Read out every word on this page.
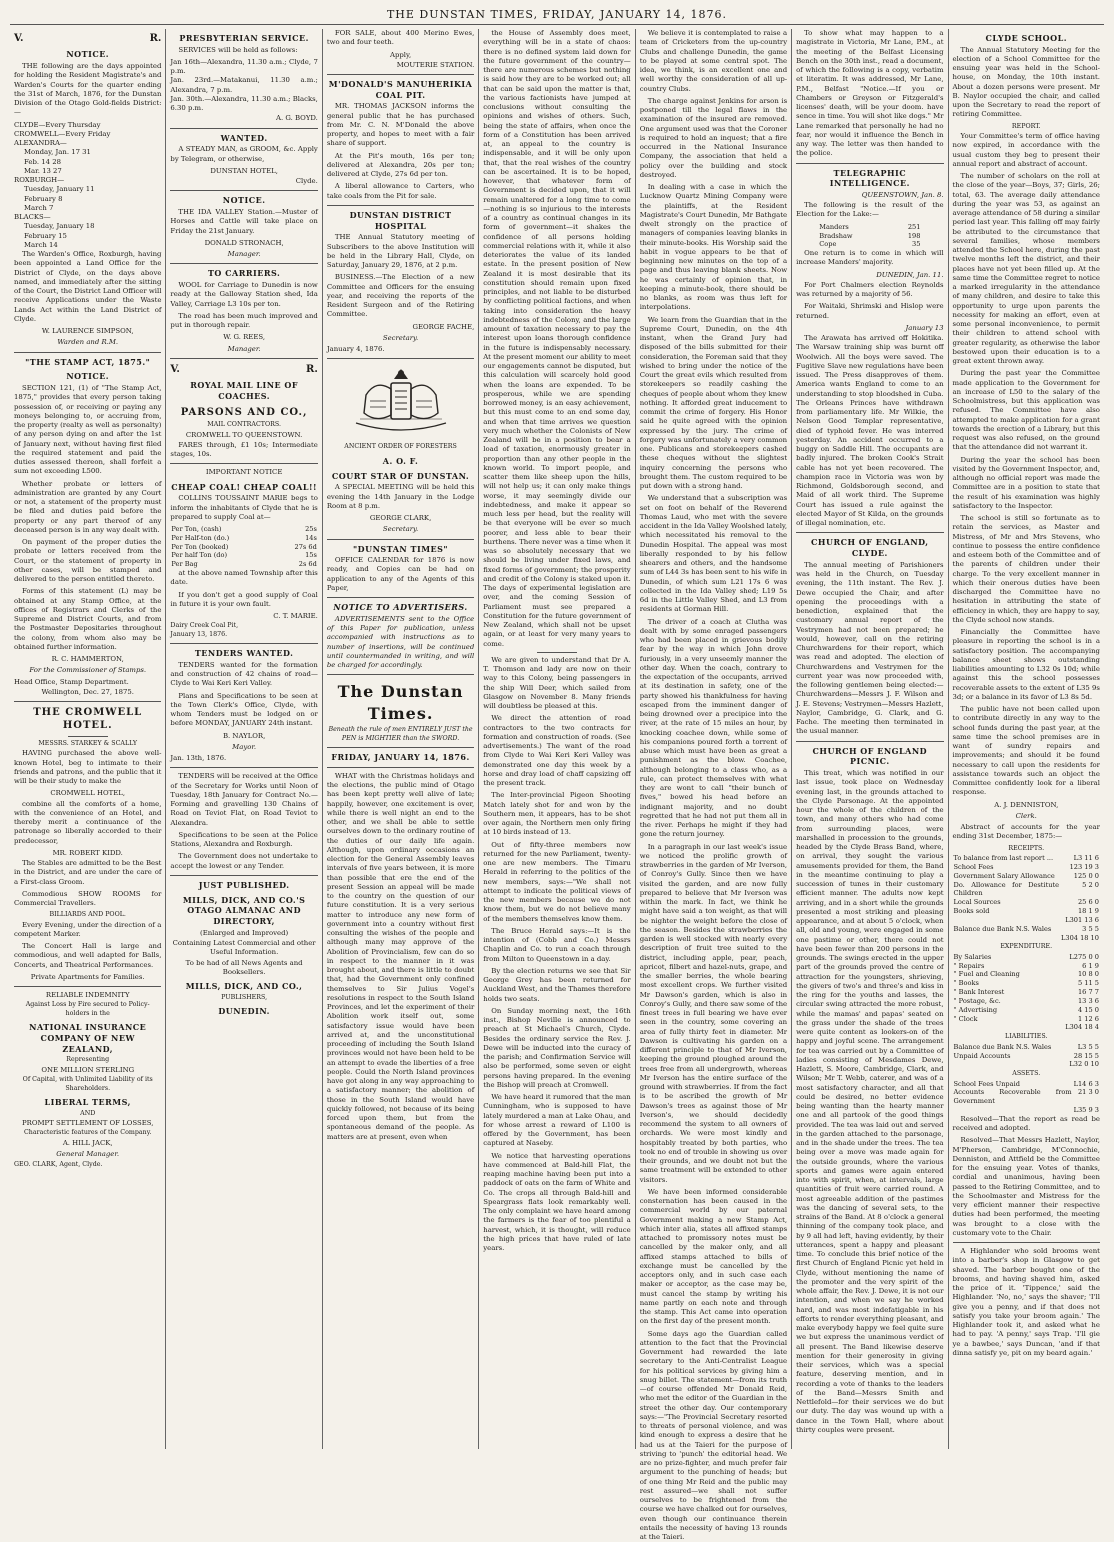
THE DUNSTAN TIMES, FRIDAY, JANUARY 14, 1876.
V.	R.
NOTICE.

THE following are the days appointed for holding the Resident Magistrate's and Warden's Courts for the quarter ending the 31st of March, 1876, for the Dunstan Division of the Otago Gold-fields District:—

CLYDE—Every Thursday
CROMWELL—Every Friday
ALEXANDRA—
Monday, Jan. 17 31
Feb. 14 28
Mar. 13 27
ROXBURGH—
Tuesday, January 11
February 8
March 7
BLACKS—
Tuesday, January 18
February 15
March 14

The Warden's Office, Roxburgh, having been appointed a Land Office for the District of Clyde, on the days above named, and immediately after the sitting of the Court, the District Land Officer will receive Applications under the Waste Lands Act within the Land District of Clyde.

W. LAURENCE SIMPSON,
Warden and R.M.
"THE STAMP ACT, 1875."
NOTICE.

SECTION 121, (1) of "The Stamp Act, 1875," provides that every person taking possession of, or receiving or paying any moneys belonging to, or accruing from, the property (realty as well as personalty) of any person dying on and after the 1st of January next, without having first filed the required statement and paid the duties assessed thereon, shall forfeit a sum not exceeding L500.

Whether probate or letters of administration are granted by any Court or not, a statement of the property must be filed and duties paid before the property or any part thereof of any deceased person is in any way dealt with.

On payment of the proper duties the probate or letters received from the Court, or the statement of property in other cases, will be stamped and delivered to the person entitled thereto.

Forms of this statement (L) may be obtained at any Stamp Office, at the offices of Registrars and Clerks of the Supreme and District Courts, and from the Postmaster Depositaries throughout the colony, from whom also may be obtained further information.

R. C. HAMMERTON,
For the Commissioner of Stamps.
Head Office, Stamp Department.
Wellington, Dec. 27, 1875.
THE CROMWELL HOTEL.
MESSRS. STARKEY & SCALLY

HAVING purchased the above well-known Hotel, beg to intimate to their friends and patrons, and the public that it will be their study to make the

CROMWELL HOTEL,

combine all the comforts of a home, with the convenience of an Hotel, and thereby merit a continuance of the patronage so liberally accorded to their predecessor,

MR. ROBERT KIDD.

The Stables are admitted to be the Best in the District, and are under the care of a First-class Groom.

Commodious SHOW ROOMS for Commercial Travellers.

BILLIARDS AND POOL.

Every Evening, under the direction of a competent Marker.

The Concert Hall is large and commodious, and well adapted for Balls, Concerts, and Theatrical Performances.

Private Apartments for Families.
RELIABLE INDEMNITY
Against Loss by Fire secured to Policy-holders in the
NATIONAL INSURANCE COMPANY OF NEW ZEALAND,
Representing
ONE MILLION STERLING
Of Capital, with Unlimited Liability of its Shareholders.
LIBERAL TERMS,
AND
PROMPT SETTLEMENT OF LOSSES,
Characteristic features of the Company.
A. HILL JACK,
General Manager.
GEO. CLARK, Agent, Clyde.
PRESBYTERIAN SERVICE.

SERVICES will be held as follows:

Jan 16th—Alexandra, 11.30 a.m.; Clyde, 7 p.m.
Jan. 23rd.—Matakanui, 11.30 a.m.; Alexandra, 7 p.m.
Jan. 30th.—Alexandra, 11.30 a.m.; Blacks, 6.30 p.m.
A. G. BOYD.
WANTED.

A STEADY MAN, as GROOM, &c. Apply by Telegram, or otherwise,

DUNSTAN HOTEL,
Clyde.
NOTICE.

THE IDA VALLEY Station.—Muster of Horses and Cattle will take place on Friday the 21st January.

DONALD STRONACH,
Manager.
TO CARRIERS.

WOOL for Carriage to Dunedin is now ready at the Galloway Station shed, Ida Valley, Carriage L3 10s per ton.

The road has been much improved and put in thorough repair.

W. G. REES,
Manager.
V.	R.
ROYAL MAIL LINE OF COACHES.
PARSONS AND CO.,
MAIL CONTRACTORS.
CROMWELL TO QUEENSTOWN.

FARES through, £1 10s; Intermediate stages, 10s.

IMPORTANT NOTICE
CHEAP COAL! CHEAP COAL!!

COLLINS TOUSSAINT MARIE begs to inform the inhabitants of Clyde that he is prepared to supply Coal at—

Per Ton, (cash)	25s
Per Half-ton (do.)	14s
Per Ton (booked)	27s 6d
Per half Ton (do)	15s
Per Bag	2s 6d

at the above named Township after this date.

If you don't get a good supply of Coal in future it is your own fault.

C. T. MARIE.
Dairy Creek Coal Pit,
January 13, 1876.
TENDERS WANTED.

TENDERS wanted for the formation and construction of 42 chains of road—Clyde to Wai Keri Keri Valley.

Plans and Specifications to be seen at the Town Clerk's Office, Clyde, with whom Tenders must be lodged on or before MONDAY, JANUARY 24th instant.

B. NAYLOR,
Mayor.
Jan. 13th, 1876.

TENDERS will be received at the Office of the Secretary for Works until Noon of Tuesday, 18th January for Contract No.—Forming and gravelling 130 Chains of Road on Teviot Flat, on Road Teviot to Alexandra.

Specifications to be seen at the Police Stations, Alexandra and Roxburgh.

The Government does not undertake to accept the lowest or any Tender.

JUST PUBLISHED.
MILLS, DICK, AND CO.'S OTAGO ALMANAC AND DIRECTORY,
(Enlarged and Improved)
Containing Latest Commercial and other Useful Information.
To be had of all News Agents and Booksellers.
MILLS, DICK, AND CO.,
PUBLISHERS,
DUNEDIN.

FOR SALE, about 400 Merino Ewes, two and four teeth.

Apply,
MOUTERIE STATION.
M'DONALD'S MANUHERIKIA COAL PIT.

MR. THOMAS JACKSON informs the general public that he has purchased from Mr. C. N. M'Donald the above property, and hopes to meet with a fair share of support.

At the Pit's mouth, 16s per ton; delivered at Alexandra, 20s per ton; delivered at Clyde, 27s 6d per ton.

A liberal allowance to Carters, who take coals from the Pit for sale.

DUNSTAN DISTRICT HOSPITAL

THE Annual Statutory meeting of Subscribers to the above Institution will be held in the Library Hall, Clyde, on Saturday, January 29, 1876, at 2 p.m.

BUSINESS.—The Election of a new Committee and Officers for the ensuing year, and receiving the reports of the Resident Surgeon and of the Retiring Committee.

GEORGE FACHE,
Secretary.
January 4, 1876.
ANCIENT ORDER OF FORESTERS
A. O. F.
COURT STAR OF DUNSTAN.

A SPECIAL MEETING will be held this evening the 14th January in the Lodge Room at 8 p.m.

GEORGE CLARK,
Secretary.
"DUNSTAN TIMES"

OFFICE CALENDAR for 1876 is now ready, and Copies can be had on application to any of the Agents of this Paper,

NOTICE TO ADVERTISERS.

ADVERTISEMENTS sent to the Office of this Paper for publication, unless accompanied with instructions as to number of insertions, will be continued until countermanded in writing, and will be charged for accordingly.

The Dunstan Times.
Beneath the rule of men ENTIRELY JUST the PEN is MIGHTIER than the SWORD.
FRIDAY, JANUARY 14, 1876.

WHAT with the Christmas holidays and the elections, the public mind of Otago has been kept pretty well alive of late; happily, however, one excitement is over, while there is well night an end to the other, and we shall be able to settle ourselves down to the ordinary routine of the duties of our daily life again. Although, upon ordinary occasions an election for the General Assembly leaves intervals of five years between, it is more than possible that ere the end of the present Session an appeal will be made to the country on the question of our future constitution. It is a very serious matter to introduce any new form of government into a country without first consulting the wishes of the people and although many may approve of the Abolition of Provincialism, few can do so in respect to the manner in it was brought about, and there is little to doubt that, had the Government only confined themselves to Sir Julius Vogel's resolutions in respect to the South Island Provinces, and let the experiment of their Abolition work itself out, some satisfactory issue would have been arrived at, and the unconstitutional proceeding of including the South Island provinces would not have been held to be an attempt to evade the liberties of a free people. Could the North Island provinces have got along in any way approaching to a satisfactory manner; the abolition of those in the South Island would have quickly followed, not because of its being forced upon them, but from the spontaneous demand of the people. As matters are at present, even when

the House of Assembly does meet, everything will be in a state of chaos: there is no defined system laid down for the future government of the country—there are numerous schemes but nothing is said how they are to be worked out; all that can be said upon the matter is that, the various factionists have jumped at conclusions without consulting the opinions and wishes of others. Such, being the state of affairs, when once the form of a Constitution has been arrived at, an appeal to the country is indispensable, and it will be only upon that, that the real wishes of the country can be ascertained. It is to be hoped, however, that whatever form of Government is decided upon, that it will remain unaltered for a long time to come—nothing is so injurious to the interests of a country as continual changes in its form of government—it shakes the confidence of all persons holding commercial relations with it, while it also deteriorates the value of its landed estate. In the present position of New Zealand it is most desirable that its constitution should remain upon fixed principles, and not liable to be disturbed by conflicting political factions, and when taking into consideration the heavy indebtedness of the Colony, and the large amount of taxation necessary to pay the interest upon loans thorough confidence in the future is indispensably necessary. At the present moment our ability to meet our engagements cannot be disputed, but this calculation will scarcely hold good when the loans are expended. To be prosperous, while we are spending borrowed money, is an easy achievement, but this must come to an end some day, and when that time arrives we question very much whether the Colonists of New Zealand will be in a position to bear a load of taxation, enormously greater in proportion than any other people in the known world. To import people, and scatter them like sheep upon the hills, will not help us; it can only make things worse, it may seemingly divide our indebtedness, and make it appear so much less per head, but the reality will be that everyone will be ever so much poorer, and less able to bear their burthens. There never was a time when it was so absolutely necessary that we should be living under fixed laws, and fixed forms of government; the prosperity and credit of the Colony is staked upon it. The days of experimental legislation are over, and the coming Session of Parliament must see prepared a Constitution for the future government of New Zealand, which shall not be upset again, or at least for very many years to come.

We are given to understand that Dr A. T. Thomson and lady are now on their way to this Colony, being passengers in the ship Will Deer, which sailed from Glasgow on November 8. Many friends will doubtless be pleased at this.

We direct the attention of road contractors to the two contracts for formation and construction of roads. (See advertisements.) The want of the road from Clyde to Wai Keri Keri Valley was demonstrated one day this week by a horse and dray load of chaff capsizing off the present track.

The Inter-provincial Pigeon Shooting Match lately shot for and won by the Southern men, it appears, has to be shot over again, the Northern men only firing at 10 birds instead of 13.

Out of fifty-three members now returned for the new Parliament, twenty-one are new members. The Timaru Herald in referring to the politics of the new members, says:—"We shall not attempt to indicate the political views of the new members because we do not know them, but we do not believe many of the members themselves know them.

The Bruce Herald says:—It is the intention of (Cobb and Co.) Messrs Chaplin and Co. to run a coach through from Milton to Queenstown in a day.

By the election returns we see that Sir George Grey has been returned for Auckland West, and the Thames therefore holds two seats.

On Sunday morning next, the 16th inst., Bishop Neville is announced to preach at St Michael's Church, Clyde. Besides the ordinary service the Rev. J. Dewe will be inducted into the curacy of the parish; and Confirmation Service will also be performed, some seven or eight persons having prepared. In the evening the Bishop will preach at Cromwell.

We have heard it rumored that the man Cunningham, who is supposed to have lately murdered a man at Lake Ohau, and for whose arrest a reward of L100 is offered by the Government, has been captured at Naseby.

We notice that harvesting operations have commenced at Bald-hill Flat, the reaping machine having been put into a paddock of oats on the farm of White and Co. The crops all through Bald-hill and Speargrass flats look remarkably well. The only complaint we have heard among the farmers is the fear of too plentiful a harvest, which, it is thought, will reduce the high prices that have ruled of late years.

We believe it is contemplated to raise a team of Cricketers from the up-country Clubs and challenge Dunedin, the game to be played at some central spot. The idea, we think, is an excellent one and well worthy the consideration of all up-country Clubs.

The charge against Jenkins for arson is postponed till the legal flaws in the examination of the insured are removed. One argument used was that the Coroner is required to hold an inquest; that a fire occurred in the National Insurance Company, the association that held a policy over the building and stock destroyed.

In dealing with a case in which the Lucknow Quartz Mining Company were the plaintiffs, at the Resident Magistrate's Court Dunedin, Mr Bathgate dwelt strongly on the practice of managers of companies leaving blanks in their minute-books. His Worship said the habit in vogue appears to be that of beginning new minutes on the top of a page and thus leaving blank sheets. Now he was certainly of opinion that, in keeping a minute-book, there should be no blanks, as room was thus left for interpolations.

We learn from the Guardian that in the Supreme Court, Dunedin, on the 4th instant, when the Grand Jury had disposed of the bills submitted for their consideration, the Foreman said that they wished to bring under the notice of the Court the great evils which resulted from storekeepers so readily cashing the cheques of people about whom they knew nothing. It afforded great inducement to commit the crime of forgery. His Honor said he quite agreed with the opinion expressed by the jury. The crime of forgery was unfortunately a very common one. Publicans and storekeepers cashed these cheques without the slightest inquiry concerning the persons who brought them. The custom required to be put down with a strong hand.

We understand that a subscription was set on foot on behalf of the Reverend Thomas Laud, who met with the severe accident in the Ida Valley Woolshed lately, which necessitated his removal to the Dunedin Hospital. The appeal was most liberally responded to by his fellow shearers and others, and the handsome sum of L44 3s has been sent to his wife in Dunedin, of which sum L21 17s 6 was collected in the Ida Valley shed; L19 5s 6d in the Little Valley Shed, and L3 from residents at Gorman Hill.

The driver of a coach at Clutha was dealt with by some enraged passengers who had been placed in grievous bodily fear by the way in which John drove furiously, in a very unseemly manner the other day. When the coach, contrary to the expectation of the occupants, arrived at its destination in safety, one of the party showed his thankfulness for having escaped from the imminent danger of being drowned over a precipice into the river, at the rate of 15 miles an hour, by knocking coachee down, while some of his companions poured forth a torrent of abuse which must have been as great a punishment as the blow. Coachee, although belonging to a class who, as a rule, can protect themselves with what they are wont to call "their bunch of fives," bowed his head before an indignant majority, and no doubt regretted that he had not put them all in the river. Perhaps he might if they had gone the return journey.

In a paragraph in our last week's issue we noticed the prolific growth of strawberries in the garden of Mr Iverson, of Conroy's Gully. Since then we have visited the garden, and are now fully prepared to believe that Mr Iverson was within the mark. In fact, we think he might have said a ton weight, as that will be nighter the weight before the close of the season. Besides the strawberries the garden is well stocked with nearly every description of fruit tree suited to the district, including apple, pear, peach, apricot, filbert and hazel-nuts, grape, and the smaller berries, the whole bearing most excellent crops. We further visited Mr Dawson's garden, which is also in Conroy's Gully, and there saw some of the finest trees in full bearing we have ever seen in the country, some covering an area of fully thirty feet in diameter. Mr Dawson is cultivating his garden on a different principle to that of Mr Iverson, keeping the ground ploughed around the trees free from all undergrowth, whereas Mr Iverson has the entire surface of the ground with strawberries. If from the fact is to be ascribed the growth of Mr Dawson's trees as against those of Mr Iverson's, we should decidedly recommend the system to all owners of orchards. We were most kindly and hospitably treated by both parties, who took no end of trouble in showing us over their grounds, and we doubt not but the same treatment will be extended to other visitors.

We have been informed considerable consternation has been caused in the commercial world by our paternal Government making a new Stamp Act, which inter alia, states all affixed stamps attached to promissory notes must be cancelled by the maker only, and all affixed stamps attached to bills of exchange must be cancelled by the acceptors only, and in such case each maker or acceptor, as the case may be, must cancel the stamp by writing his name partly on each note and through the stamp. This Act came into operation on the first day of the present month.

Some days ago the Guardian called attention to the fact that the Provincial Government had rewarded the late secretary to the Anti-Centralist League for his political services by giving him a snug billet. The statement—from its truth—of course offended Mr Donald Reid, who met the editor of the Guardian in the street the other day. Our contemporary says:—"The Provincial Secretary resorted to threats of personal violence, and was kind enough to express a desire that he had us at the Taieri for the purpose of striving to 'punch' the editorial head. We are no prize-fighter, and much prefer fair argument to the punching of heads; but of one thing Mr Reid and the public may rest assured—we shall not suffer ourselves to be frightened from the course we have chalked out for ourselves, even though our continuance therein entails the necessity of having 13 rounds at the Taieri.

To show what may happen to a magistrate in Victoria, Mr Lane, P.M., at the meeting of the Belfast Licensing Bench on the 30th inst., read a document, of which the following is a copy, verbatim et literatim. It was addressed, Mr Lane, P.M., Belfast "Notice.—If you or Chambers or Greyson or Fitzgerald's licenses' death, will be your doom. have sence in time. You will shot like dogs." Mr Lane remarked that personally he had no fear, nor would it influence the Bench in any way. The letter was then handed to the police.

TELEGRAPHIC INTELLIGENCE.
QUEENSTOWN, Jan. 8.

The following is the result of the Election for the Lake:—

Manders	251
Bradshaw	198
Cope	35

One return is to come in which will increase Manders' majority.

DUNEDIN, Jan. 11.

For Port Chalmers election Reynolds was returned by a majority of 56.

For Waitaki, Shrimski and Hislop were returned.

January 13

The Arawata has arrived off Hokitika. The Warsaw training ship was burnt off Woolwich. All the boys were saved. The Fugitive Slave new regulations have been issued. The Press disapproves of them. America wants England to come to an understanding to stop bloodshed in Cuba. The Orleans Princes have withdrawn from parliamentary life. Mr Wilkie, the Nelson Good Templar representative, died of typhoid fever. He was interred yesterday. An accident occurred to a buggy on Saddle Hill. The occupants are badly injured. The broken Cook's Strait cable has not yet been recovered. The champion race in Victoria was won by Richmond, Goldsborough second, and Maid of all work third. The Supreme Court has issued a rule against the elected Mayor of St Kilda, on the grounds of illegal nomination, etc.

CHURCH OF ENGLAND, CLYDE.

The annual meeting of Parishioners was held in the Church, on Tuesday evening, the 11th instant. The Rev. J. Dewe occupied the Chair, and after opening the proceedings with a benediction, explained that the customary annual report of the Vestrymen had not been prepared; he would, however, call on the retiring Churchwardens for their report, which was read and adopted. The election of Churchwardens and Vestrymen for the current year was now proceeded with, the following gentlemen being elected:—Churchwardens—Messrs J. F. Wilson and J. E. Stevens; Vestrymen—Messrs Hazlett, Naylor, Cambridge, G. Clark, and G. Fache. The meeting then terminated in the usual manner.

CHURCH OF ENGLAND PICNIC.

This treat, which was notified in our last issue, took place on Wednesday evening last, in the grounds attached to the Clyde Parsonage. At the appointed hour the whole of the children of the town, and many others who had come from surrounding places, were marshalled in procession to the grounds, headed by the Clyde Brass Band, where, on arrival, they sought the various amusements provided for them, the Band in the meantime continuing to play a succession of tunes in their customary efficient manner. The adults now kept arriving, and in a short while the grounds presented a most striking and pleasing appearance, and at about 5 o'clock, when all, old and young, were engaged in some one pastime or other, there could not have been fewer than 200 persons in the grounds. The swings erected in the upper part of the grounds proved the centre of attraction for the youngsters, shrieving, the givers of two's and three's and kiss in the ring for the youths and lasses, the circular swing attracted the more robust, while the mamas' and papas' seated on the grass under the shade of the trees were quite content as lookers-on of the happy and joyful scene. The arrangement for tea was carried out by a Committee of ladies consisting of Mesdames Dewe, Hazlett, S. Moore, Cambridge, Clark, and Wilson; Mr T. Webb, caterer, and was of a most satisfactory character, and all that could be desired, no better evidence being wanting than the hearty manner one and all partook of the good things provided. The tea was laid out and served in the garden attached to the parsonage, and in the shade under the trees. The tea being over a move was made again for the outside grounds, where the various sports and games were again entered into with spirit, when, at intervals, large quantities of fruit were carried round. A most agreeable addition of the pastimes was the dancing of several sets, to the strains of the Band. At 8 o'clock a general thinning of the company took place, and by 9 all had left, having evidently, by their utterances, spent a happy and pleasant time. To conclude this brief notice of the first Church of England Picnic yet held in Clyde, without mentioning the name of the promoter and the very spirit of the whole affair, the Rev. J. Dewe, it is not our intention, and when we say he worked hard, and was most indefatigable in his efforts to render everything pleasant, and make everybody happy we feel quite sure we but express the unanimous verdict of all present. The Band likewise deserve mention for their generosity in giving their services, which was a special feature, deserving mention, and in recording a vote of thanks to the leaders of the Band—Messrs Smith and Nettlefold—for their services we do but our duty. The day was wound up with a dance in the Town Hall, where about thirty couples were present.

CLYDE SCHOOL.

The Annual Statutory Meeting for the election of a School Committee for the ensuing year was held in the School-house, on Monday, the 10th instant. About a dozen persons were present. Mr B. Naylor occupied the chair, and called upon the Secretary to read the report of retiring Committee.

REPORT.

Your Committee's term of office having now expired, in accordance with the usual custom they beg to present their annual report and abstract of account.

The number of scholars on the roll at the close of the year—Boys, 37; Girls, 26; total, 63. The average daily attendance during the year was 53, as against an average attendance of 58 during a similar period last year. This falling off may fairly be attributed to the circumstance that several families, whose members attended the School here, during the past twelve months left the district, and their places have not yet been filled up. At the same time the Committee regret to notice a marked irregularity in the attendance of many children, and desire to take this opportunity to urge upon parents the necessity for making an effort, even at some personal inconvenience, to permit their children to attend school with greater regularity, as otherwise the labor bestowed upon their education is to a great extent thrown away.

During the past year the Committee made application to the Government for an increase of L50 to the salary of the Schoolmistress, but this application was refused. The Committee have also attempted to make application for a grant towards the erection of a Library, but this request was also refused, on the ground that the attendance did not warrant it.

During the year the school has been visited by the Government Inspector, and, although no official report was made the Committee are in a position to state that the result of his examination was highly satisfactory to the Inspector.

The school is still so fortunate as to retain the services, as Master and Mistress, of Mr and Mrs Stevens, who continue to possess the entire confidence and esteem both of the Committee and of the parents of children under their charge. To the very excellent manner in which their onerous duties have been discharged the Committee have no hesitation in attributing the state of efficiency in which, they are happy to say, the Clyde school now stands.

Financially the Committee have pleasure in reporting the school is in a satisfactory position. The accompanying balance sheet shows outstanding liabilities amounting to L32 0s 10d; while against this the school possesses recoverable assets to the extent of L35 9s 3d; or a balance in its favor of L3 8s 5d.

The public have not been called upon to contribute directly in any way to the school funds during the past year, at the same time the school premises are in want of sundry repairs and improvements; and should it be found necessary to call upon the residents for assistance towards such an object the Committee confidently look for a liberal response.

A. J. DENNISTON,
Clerk.

Abstract of accounts for the year ending 31st December, 1875:—

RECEIPTS.
To balance from last report ...	L3 11 6
School Fees	123 19 3
Government Salary Allowance	125 0 0
Do. Allowance for Destitute Children	5 2 0
Local Sources	25 6 0
Books sold	18 1 9
	L301 13 6
Balance due Bank N.S. Wales	3 5 5
	L304 18 10
EXPENDITURE.
By Salaries	L275 0 0
" Repairs	6 1 9
" Fuel and Cleaning	10 8 0
" Books	5 11 5
" Bank Interest	16 7 7
" Postage, &c.	13 3 6
" Advertising	4 15 0
" Clock	1 12 6
	L304 18 4
LIABILITIES.
Balance due Bank N.S. Wales	L3 5 5
Unpaid Accounts	28 15 5
	L32 0 10
ASSETS.
School Fees Unpaid	L14 6 3
Accounts Recoverable from Government	21 3 0
	L35 9 3

Resolved—That the report as read be received and adopted.

Resolved—That Messrs Hazlett, Naylor, M'Pherson, Cambridge, M'Connochie, Denniston, and Attfield be the Committee for the ensuing year. Votes of thanks, cordial and unanimous, having been passed to the Retiring Committee, and to the Schoolmaster and Mistress for the very efficient manner their respective duties had been performed, the meeting was brought to a close with the customary vote to the Chair.

A Highlander who sold brooms went into a barber's shop in Glasgow to get shaved. The barber bought one of the brooms, and having shaved him, asked the price of it. 'Tippence,' said the Highlander. 'No, no,' says the shaver; 'I'll give you a penny, and if that does not satisfy you take your broom again.' The Highlander took it, and asked what he had to pay. 'A penny,' says Trap. 'I'll gie ye a bawbee,' says Duncan, 'and if that dinna satisfy ye, pit on my beard again.'
